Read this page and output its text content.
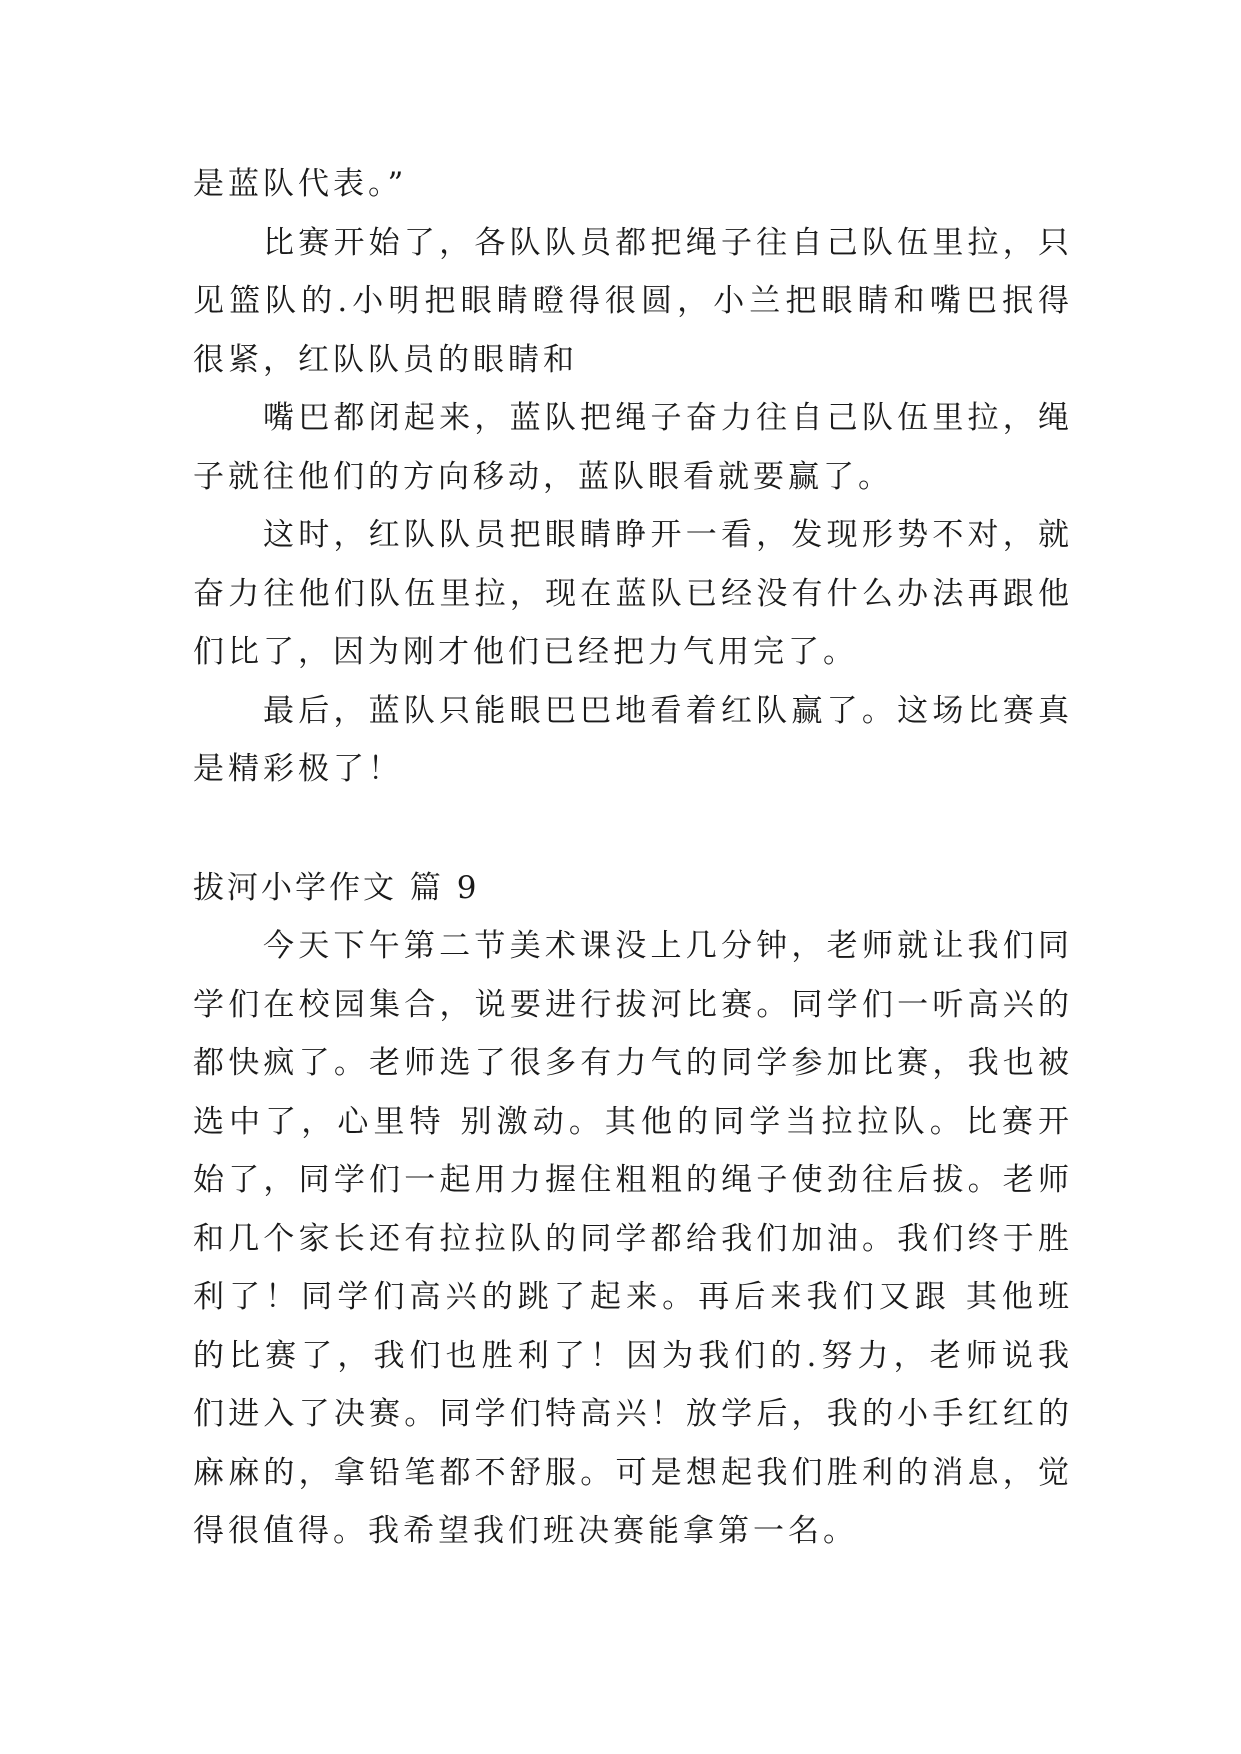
是蓝队代表。”

比赛开始了，各队队员都把绳子往自己队伍里拉，只见篮队的.小明把眼睛瞪得很圆，小兰把眼睛和嘴巴抿得很紧，红队队员的眼睛和

嘴巴都闭起来，蓝队把绳子奋力往自己队伍里拉，绳子就往他们的方向移动，蓝队眼看就要赢了。

这时，红队队员把眼睛睁开一看，发现形势不对，就奋力往他们队伍里拉，现在蓝队已经没有什么办法再跟他们比了，因为刚才他们已经把力气用完了。

最后，蓝队只能眼巴巴地看着红队赢了。这场比赛真是精彩极了！

拔河小学作文 篇 9

今天下午第二节美术课没上几分钟，老师就让我们同学们在校园集合，说要进行拔河比赛。同学们一听高兴的都快疯了。老师选了很多有力气的同学参加比赛，我也被选中了，心里特 别激动。其他的同学当拉拉队。比赛开始了，同学们一起用力握住粗粗的绳子使劲往后拔。老师和几个家长还有拉拉队的同学都给我们加油。我们终于胜利了！同学们高兴的跳了起来。再后来我们又跟 其他班的比赛了，我们也胜利了！因为我们的.努力，老师说我们进入了决赛。同学们特高兴！放学后，我的小手红红的麻麻的，拿铅笔都不舒服。可是想起我们胜利的消息，觉得很值得。我希望我们班决赛能拿第一名。
